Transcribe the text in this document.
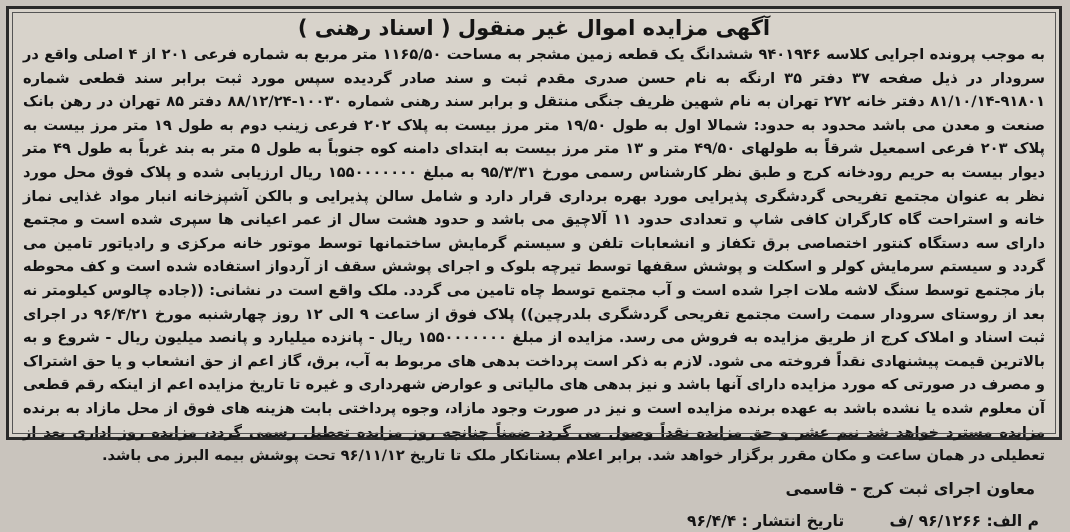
آگهی مزایده اموال غیر منقول ( اسناد رهنی )

به موجب پرونده اجرایی کلاسه ۹۴۰۱۹۴۶ ششدانگ یک قطعه زمین مشجر به مساحت ۱۱۶۵/۵۰ متر مربع به شماره فرعی ۲۰۱ از ۴ اصلی واقع در سرودار در ذیل صفحه ۳۷ دفتر ۳۵ ارنگه به نام حسن صدری مقدم ثبت و سند صادر گردیده سپس مورد ثبت برابر سند قطعی شماره ۹۱۸۰۱-۸۱/۱۰/۱۴ دفتر خانه ۲۷۲ تهران به نام شهین ظریف جنگی منتقل و برابر سند رهنی شماره ۱۰۰۳۰-۸۸/۱۲/۲۴ دفتر ۸۵ تهران در رهن بانک صنعت و معدن می باشد محدود به حدود: شمالا اول به طول ۱۹/۵۰ متر مرز بیست به پلاک ۲۰۲ فرعی زینب دوم به طول ۱۹ متر مرز بیست به پلاک ۲۰۳ فرعی اسمعیل شرقاً به طولهای ۴۹/۵۰ متر و ۱۳ متر مرز بیست به ابتدای دامنه کوه جنوباً به طول ۵ متر به بند غرباً به طول ۴۹ متر دیوار بیست به حریم رودخانه کرج و طبق نظر کارشناس رسمی مورخ ۹۵/۳/۳۱ به مبلغ ۱۵۵۰۰۰۰۰۰۰ ریال ارزیابی شده و پلاک فوق محل مورد نظر به عنوان مجتمع تفریحی گردشگری پذیرایی مورد بهره برداری قرار دارد و شامل سالن پذیرایی و بالکن آشپزخانه انبار مواد غذایی نماز خانه و استراحت گاه کارگران کافی شاپ و تعدادی حدود ۱۱ آلاچیق می باشد و حدود هشت سال از عمر اعیانی ها سپری شده است و مجتمع دارای سه دستگاه کنتور اختصاصی برق تکفاز و انشعابات تلفن و سیستم گرمایش ساختمانها توسط موتور خانه مرکزی و رادیاتور تامین می گردد و سیستم سرمایش کولر و اسکلت و پوشش سقفها توسط تیرچه بلوک و اجرای پوشش سقف از آردواز استفاده شده است و کف محوطه باز مجتمع توسط سنگ لاشه ملات اجرا شده است و آب مجتمع توسط چاه تامین می گردد. ملک واقع است در نشانی: ((جاده چالوس کیلومتر نه بعد از روستای سرودار سمت راست مجتمع تفریحی گردشگری بلدرچین)) پلاک فوق از ساعت ۹ الی ۱۲ روز چهارشنبه مورخ ۹۶/۴/۲۱ در اجرای ثبت اسناد و املاک کرج از طریق مزایده به فروش می رسد. مزایده از مبلغ ۱۵۵۰۰۰۰۰۰۰ ریال - پانزده میلیارد و پانصد میلیون ریال - شروع و به بالاترین قیمت پیشنهادی نقداً فروخته می شود. لازم به ذکر است پرداخت بدهی های مربوط به آب، برق، گاز اعم از حق انشعاب و یا حق اشتراک و مصرف در صورتی که مورد مزایده دارای آنها باشد و نیز بدهی های مالیاتی و عوارض شهرداری و غیره تا تاریخ مزایده اعم از اینکه رقم قطعی آن معلوم شده یا نشده باشد به عهده برنده مزایده است و نیز در صورت وجود مازاد، وجوه پرداختی بابت هزینه های فوق از محل مازاد به برنده مزایده مسترد خواهد شد نیم عشر و حق مزایده نقداً وصول می گردد ضمناً چنانچه روز مزایده تعطیل رسمی گردد، مزایده روز اداری بعد از تعطیلی در همان ساعت و مکان مقرر برگزار خواهد شد. برابر اعلام بستانکار ملک تا تاریخ ۹۶/۱۱/۱۲ تحت پوشش بیمه البرز می باشد.

معاون اجرای ثبت کرج - قاسمی
م الف: ۹۶/۱۲۶۶ /ف تاریخ انتشار : ۹۶/۴/۴
